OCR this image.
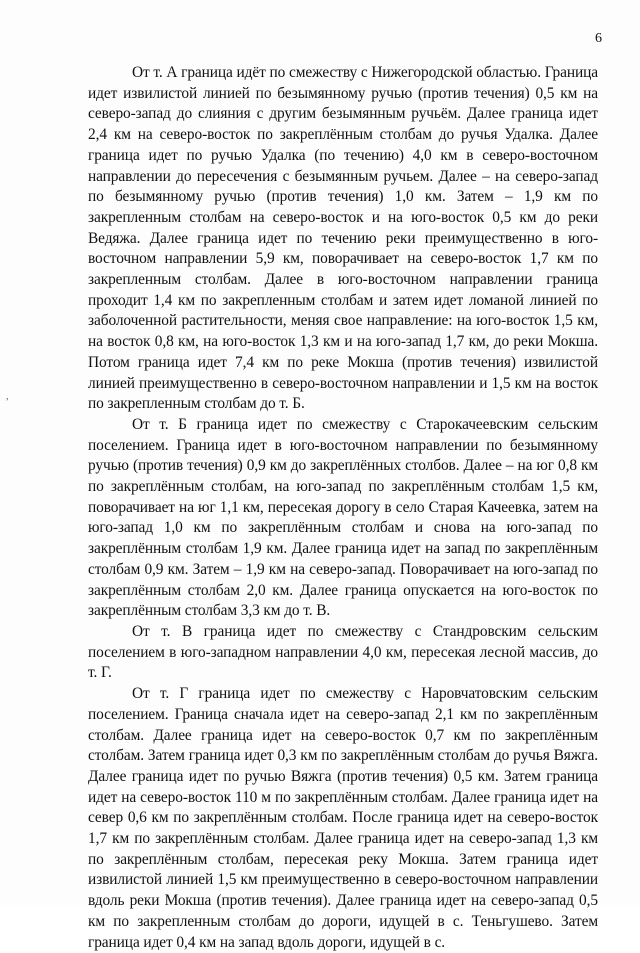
6
,

От т. А граница идёт по смежеству с Нижегородской областью. Граница идет извилистой линией по безымянному ручью (против течения) 0,5 км на северо-запад до слияния с другим безымянным ручьём. Далее граница идет 2,4 км на северо-восток по закреплённым столбам до ручья Удалка. Далее граница идет по ручью Удалка (по течению) 4,0 км в северо-восточном направлении до пересечения с безымянным ручьем. Далее – на северо-запад по безымянному ручью (против течения) 1,0 км. Затем – 1,9 км по закрепленным столбам на северо-восток и на юго-восток 0,5 км до реки Ведяжа. Далее граница идет по течению реки преимущественно в юго-восточном направлении 5,9 км, поворачивает на северо-восток 1,7 км по закрепленным столбам. Далее в юго-восточном направлении граница проходит 1,4 км по закрепленным столбам и затем идет ломаной линией по заболоченной растительности, меняя свое направление: на юго-восток 1,5 км, на восток 0,8 км, на юго-восток 1,3 км и на юго-запад 1,7 км, до реки Мокша. Потом граница идет 7,4 км по реке Мокша (против течения) извилистой линией преимущественно в северо-восточном направлении и 1,5 км на восток по закрепленным столбам до т. Б.

От т. Б граница идет по смежеству с Старокачеевским сельским поселением. Граница идет в юго-восточном направлении по безымянному ручью (против течения) 0,9 км до закреплённых столбов. Далее – на юг 0,8 км по закреплённым столбам, на юго-запад по закреплённым столбам 1,5 км, поворачивает на юг 1,1 км, пересекая дорогу в село Старая Качеевка, затем на юго-запад 1,0 км по закреплённым столбам и снова на юго-запад по закреплённым столбам 1,9 км. Далее граница идет на запад по закреплённым столбам 0,9 км. Затем – 1,9 км на северо-запад. Поворачивает на юго-запад по закреплённым столбам 2,0 км. Далее граница опускается на юго-восток по закреплённым столбам 3,3 км до т. В.

От т. В граница идет по смежеству с Стандровским сельским поселением в юго-западном направлении 4,0 км, пересекая лесной массив, до т. Г.

От т. Г граница идет по смежеству с Наровчатовским сельским поселением. Граница сначала идет на северо-запад 2,1 км по закреплённым столбам. Далее граница идет на северо-восток 0,7 км по закреплённым столбам. Затем граница идет 0,3 км по закреплённым столбам до ручья Вяжга. Далее граница идет по ручью Вяжга (против течения) 0,5 км. Затем граница идет на северо-восток 110 м по закреплённым столбам. Далее граница идет на север 0,6 км по закреплённым столбам. После граница идет на северо-восток 1,7 км по закреплённым столбам. Далее граница идет на северо-запад 1,3 км по закреплённым столбам, пересекая реку Мокша. Затем граница идет извилистой линией 1,5 км преимущественно в северо-восточном направлении вдоль реки Мокша (против течения). Далее граница идет на северо-запад 0,5 км по закрепленным столбам до дороги, идущей в с. Теньгушево. Затем граница идет 0,4 км на запад вдоль дороги, идущей в с.
